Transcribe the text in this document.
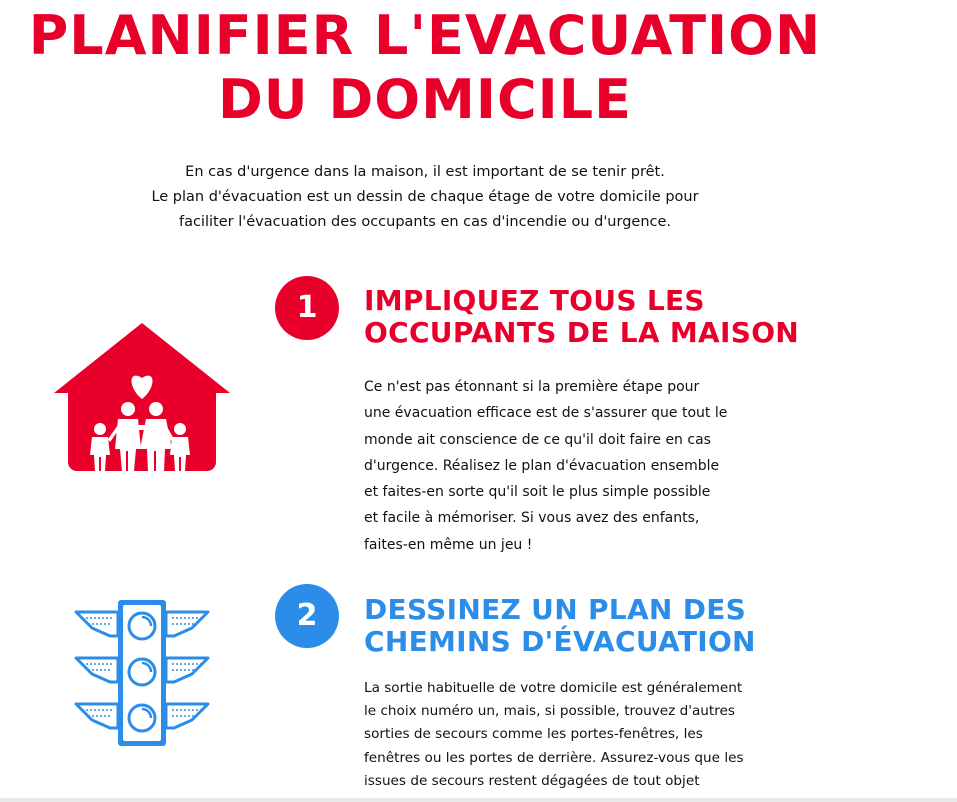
PLANIFIER L'EVACUATION
DU DOMICILE
En cas d'urgence dans la maison, il est important de se tenir prêt.
Le plan d'évacuation est un dessin de chaque étage de votre domicile pour
faciliter l'évacuation des occupants en cas d'incendie ou d'urgence.
1	IMPLIQUEZ TOUS LES
OCCUPANTS DE LA MAISON
Ce n'est pas étonnant si la première étape pour
une évacuation efficace est de s'assurer que tout le
monde ait conscience de ce qu'il doit faire en cas
d'urgence. Réalisez le plan d'évacuation ensemble
et faites-en sorte qu'il soit le plus simple possible
et facile à mémoriser. Si vous avez des enfants,
faites-en même un jeu !
2	DESSINEZ UN PLAN DES
CHEMINS D'ÉVACUATION
La sortie habituelle de votre domicile est généralement
le choix numéro un, mais, si possible, trouvez d'autres
sorties de secours comme les portes-fenêtres, les
fenêtres ou les portes de derrière. Assurez-vous que les
issues de secours restent dégagées de tout objet
